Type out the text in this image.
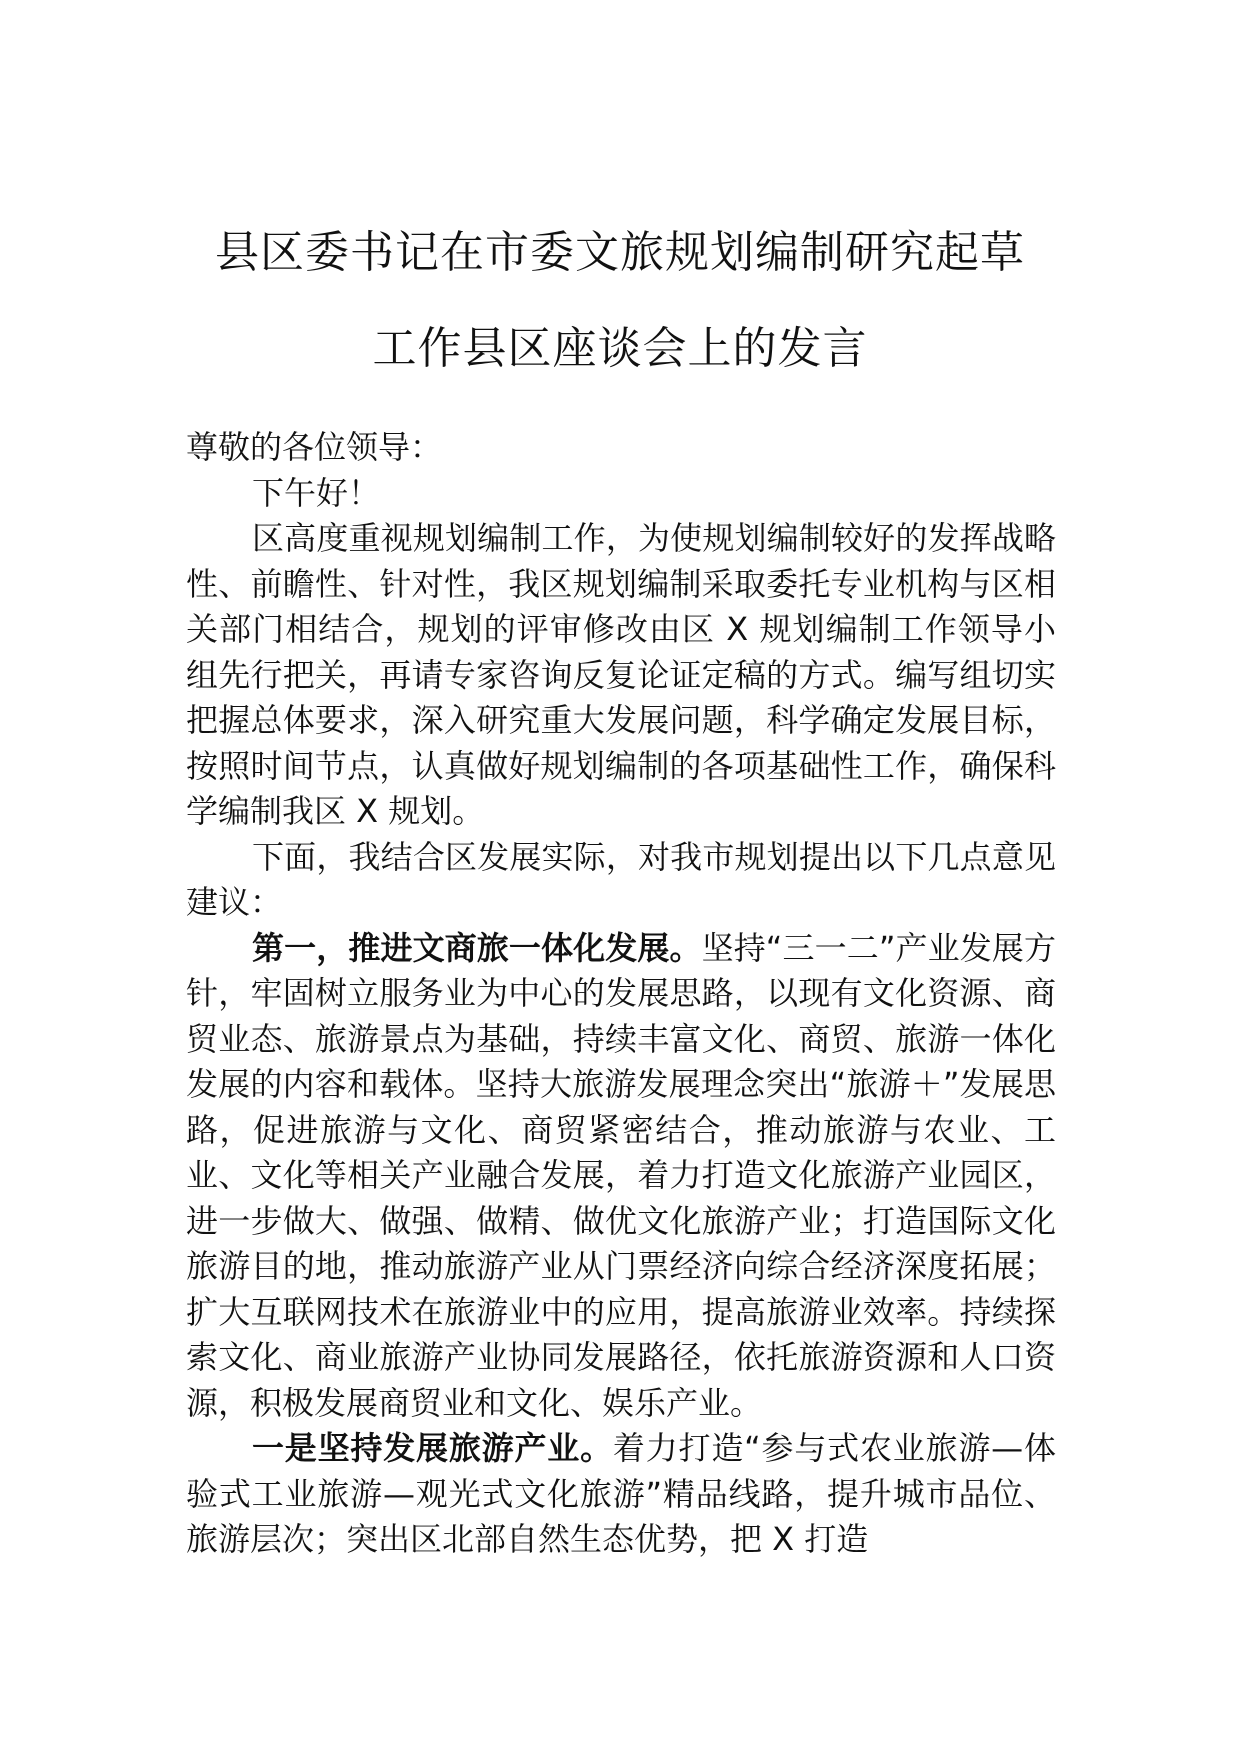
县区委书记在市委文旅规划编制研究起草
工作县区座谈会上的发言

尊敬的各位领导：

下午好！

区高度重视规划编制工作，为使规划编制较好的发挥战略性、前瞻性、针对性，我区规划编制采取委托专业机构与区相关部门相结合，规划的评审修改由区 X 规划编制工作领导小组先行把关，再请专家咨询反复论证定稿的方式。编写组切实把握总体要求，深入研究重大发展问题，科学确定发展目标，按照时间节点，认真做好规划编制的各项基础性工作，确保科学编制我区 X 规划。

下面，我结合区发展实际，对我市规划提出以下几点意见建议：

第一，推进文商旅一体化发展。坚持“三一二”产业发展方针，牢固树立服务业为中心的发展思路，以现有文化资源、商贸业态、旅游景点为基础，持续丰富文化、商贸、旅游一体化发展的内容和载体。坚持大旅游发展理念突出“旅游＋”发展思路，促进旅游与文化、商贸紧密结合，推动旅游与农业、工业、文化等相关产业融合发展，着力打造文化旅游产业园区，进一步做大、做强、做精、做优文化旅游产业；打造国际文化旅游目的地，推动旅游产业从门票经济向综合经济深度拓展；扩大互联网技术在旅游业中的应用，提高旅游业效率。持续探索文化、商业旅游产业协同发展路径，依托旅游资源和人口资源，积极发展商贸业和文化、娱乐产业。

一是坚持发展旅游产业。着力打造“参与式农业旅游—体验式工业旅游—观光式文化旅游”精品线路，提升城市品位、旅游层次；突出区北部自然生态优势，把 X 打造
